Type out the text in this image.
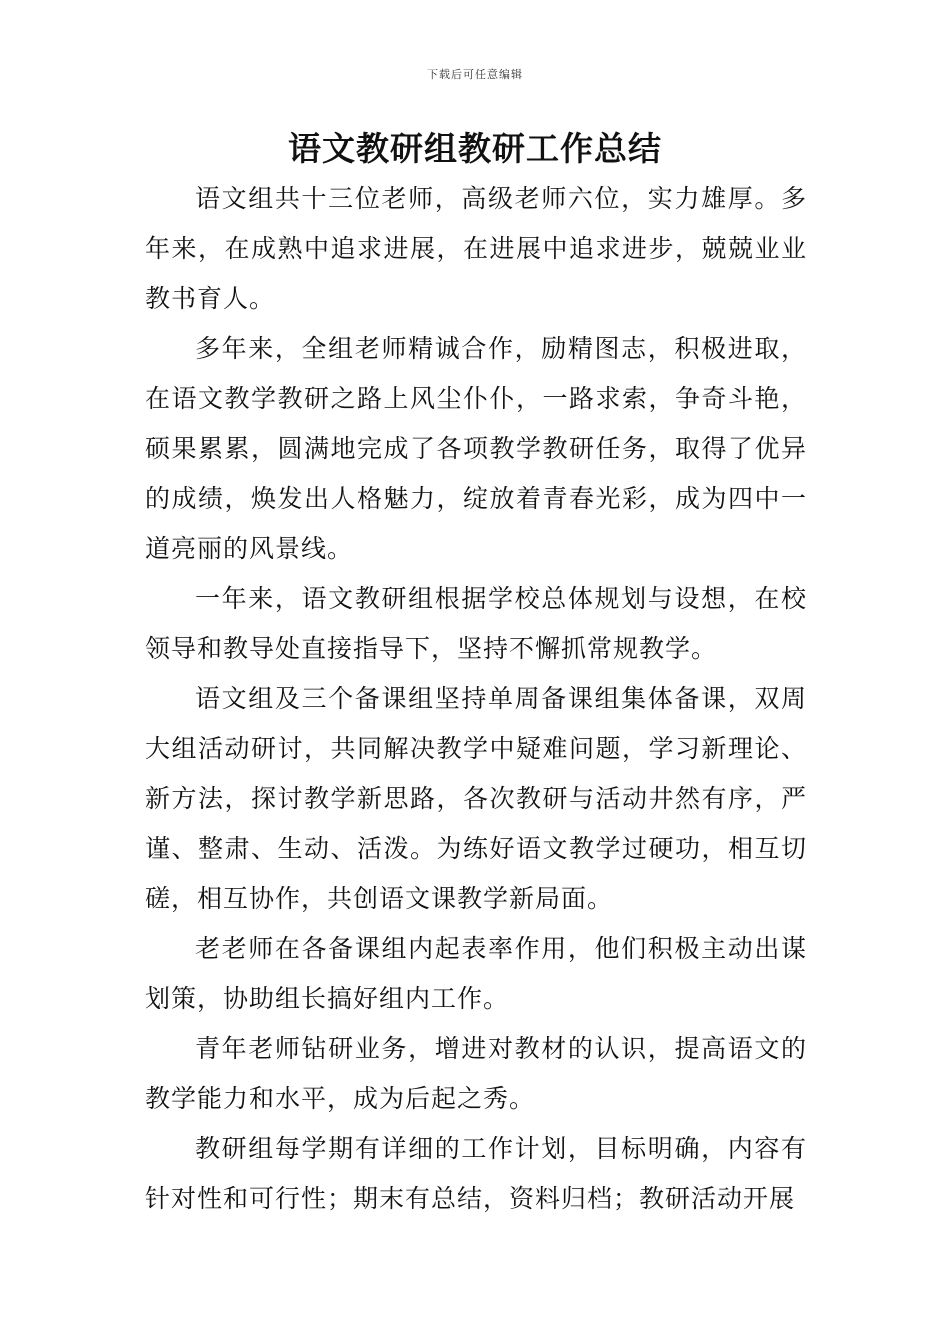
下载后可任意编辑
语文教研组教研工作总结

语文组共十三位老师，高级老师六位，实力雄厚。多年来，在成熟中追求进展，在进展中追求进步，兢兢业业教书育人。

多年来，全组老师精诚合作，励精图志，积极进取，在语文教学教研之路上风尘仆仆，一路求索，争奇斗艳，硕果累累，圆满地完成了各项教学教研任务，取得了优异的成绩，焕发出人格魅力，绽放着青春光彩，成为四中一道亮丽的风景线。

一年来，语文教研组根据学校总体规划与设想，在校领导和教导处直接指导下，坚持不懈抓常规教学。

语文组及三个备课组坚持单周备课组集体备课，双周大组活动研讨，共同解决教学中疑难问题，学习新理论、新方法，探讨教学新思路，各次教研与活动井然有序，严谨、整肃、生动、活泼。为练好语文教学过硬功，相互切磋，相互协作，共创语文课教学新局面。

老老师在各备课组内起表率作用，他们积极主动出谋划策，协助组长搞好组内工作。

青年老师钻研业务，增进对教材的认识，提高语文的教学能力和水平，成为后起之秀。

教研组每学期有详细的工作计划，目标明确，内容有针对性和可行性；期末有总结，资料归档；教研活动开展
